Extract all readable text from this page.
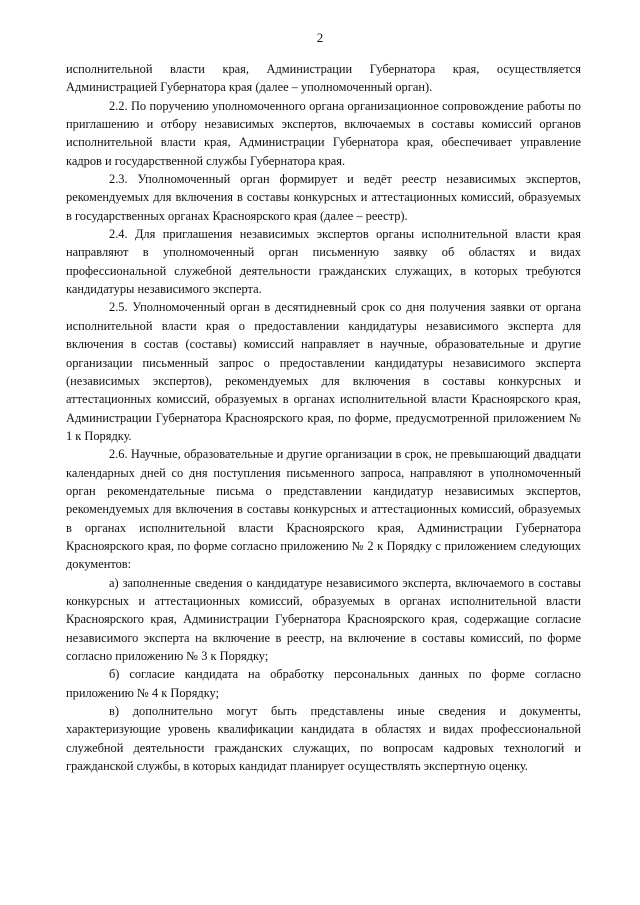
2

исполнительной власти края, Администрации Губернатора края, осуществляется Администрацией Губернатора края (далее – уполномоченный орган).

2.2. По поручению уполномоченного органа организационное сопровождение работы по приглашению и отбору независимых экспертов, включаемых в составы комиссий органов исполнительной власти края, Администрации Губернатора края, обеспечивает управление кадров и государственной службы Губернатора края.

2.3. Уполномоченный орган формирует и ведёт реестр независимых экспертов, рекомендуемых для включения в составы конкурсных и аттестационных комиссий, образуемых в государственных органах Красноярского края (далее – реестр).

2.4. Для приглашения независимых экспертов органы исполнительной власти края направляют в уполномоченный орган письменную заявку об областях и видах профессиональной служебной деятельности гражданских служащих, в которых требуются кандидатуры независимого эксперта.

2.5. Уполномоченный орган в десятидневный срок со дня получения заявки от органа исполнительной власти края о предоставлении кандидатуры независимого эксперта для включения в состав (составы) комиссий направляет в научные, образовательные и другие организации письменный запрос о предоставлении кандидатуры независимого эксперта (независимых экспертов), рекомендуемых для включения в составы конкурсных и аттестационных комиссий, образуемых в органах исполнительной власти Красноярского края, Администрации Губернатора Красноярского края, по форме, предусмотренной приложением № 1 к Порядку.

2.6. Научные, образовательные и другие организации в срок, не превышающий двадцати календарных дней со дня поступления письменного запроса, направляют в уполномоченный орган рекомендательные письма о представлении кандидатур независимых экспертов, рекомендуемых для включения в составы конкурсных и аттестационных комиссий, образуемых в органах исполнительной власти Красноярского края, Администрации Губернатора Красноярского края, по форме согласно приложению № 2 к Порядку с приложением следующих документов:

а) заполненные сведения о кандидатуре независимого эксперта, включаемого в составы конкурсных и аттестационных комиссий, образуемых в органах исполнительной власти Красноярского края, Администрации Губернатора Красноярского края, содержащие согласие независимого эксперта на включение в реестр, на включение в составы комиссий, по форме согласно приложению № 3 к Порядку;

б) согласие кандидата на обработку персональных данных по форме согласно приложению № 4 к Порядку;

в) дополнительно могут быть представлены иные сведения и документы, характеризующие уровень квалификации кандидата в областях и видах профессиональной служебной деятельности гражданских служащих, по вопросам кадровых технологий и гражданской службы, в которых кандидат планирует осуществлять экспертную оценку.
